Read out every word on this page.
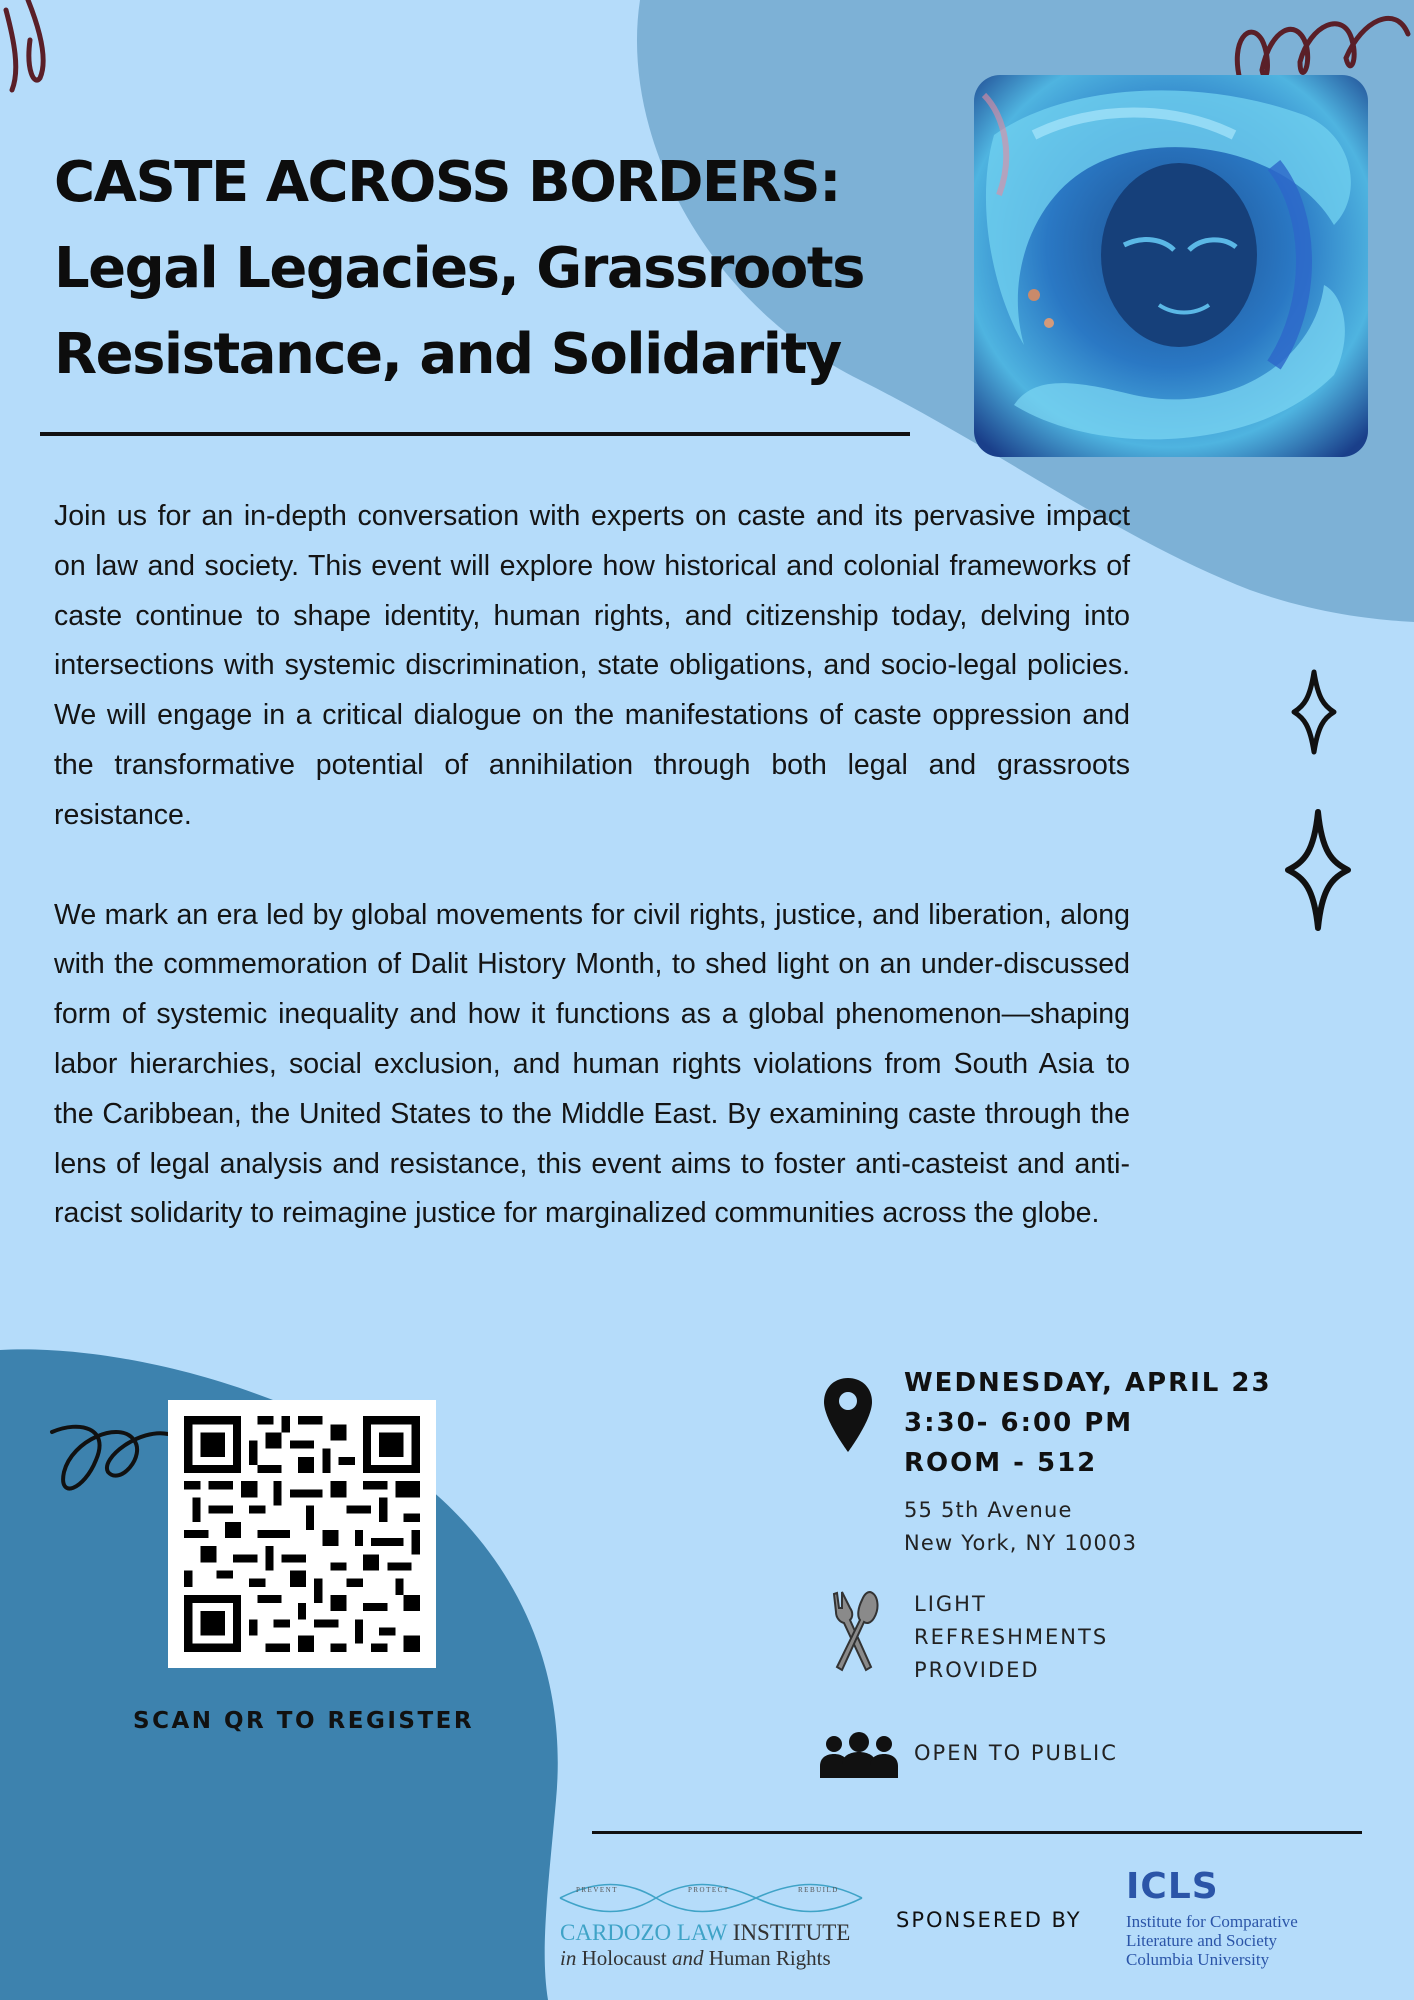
CASTE ACROSS BORDERS:
Legal Legacies, Grassroots
Resistance, and Solidarity

Join us for an in-depth conversation with experts on caste and its pervasive impact on law and society. This event will explore how historical and colonial frameworks of caste continue to shape identity, human rights, and citizenship today, delving into intersections with systemic discrimination, state obligations, and socio-legal policies. We will engage in a critical dialogue on the manifestations of caste oppression and the transformative potential of annihilation through both legal and grassroots resistance.

We mark an era led by global movements for civil rights, justice, and liberation, along with the commemoration of Dalit History Month, to shed light on an under-discussed form of systemic inequality and how it functions as a global phenomenon—shaping labor hierarchies, social exclusion, and human rights violations from South Asia to the Caribbean, the United States to the Middle East. By examining caste through the lens of legal analysis and resistance, this event aims to foster anti-casteist and anti-racist solidarity to reimagine justice for marginalized communities across the globe.

SCAN QR TO REGISTER

WEDNESDAY, APRIL 23
3:30- 6:00 PM
ROOM - 512
55 5th Avenue
New York, NY 10003
LIGHT
REFRESHMENTS
PROVIDED
OPEN TO PUBLIC
PREVENT	PROTECT	REBUILD
CARDOZO LAW INSTITUTE
in Holocaust and Human Rights
SPONSERED BY
ICLS
Institute for Comparative
Literature and Society
Columbia University
